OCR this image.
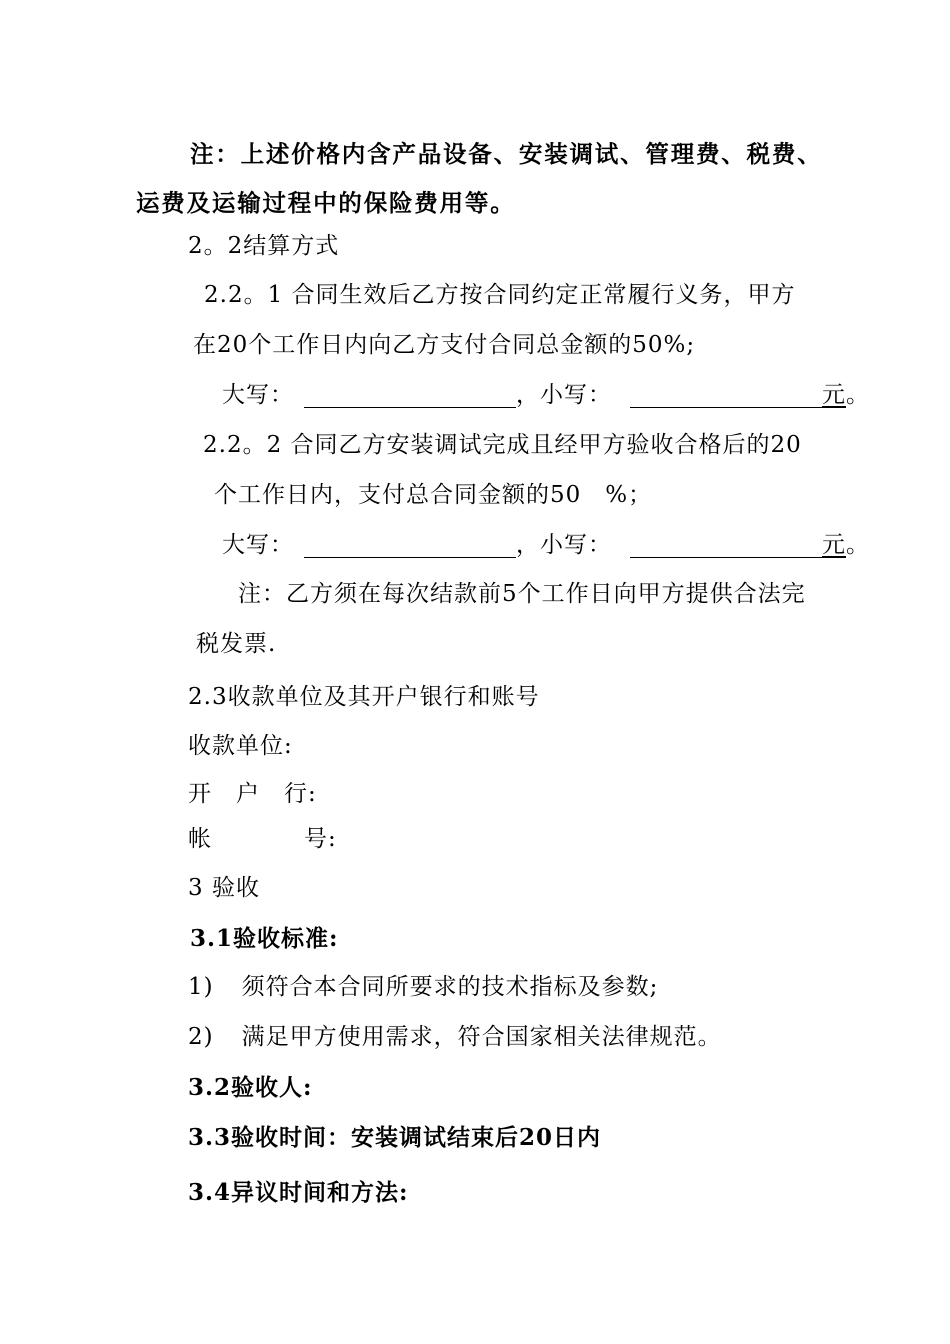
注：上述价格内含产品设备、安装调试、管理费、税费、
运费及运输过程中的保险费用等。
2。2结算方式
2.2。1 合同生效后乙方按合同约定正常履行义务，甲方
在20个工作日内向乙方支付合同总金额的50%;
大写：	，小写：	元。
2.2。2 合同乙方安装调试完成且经甲方验收合格后的20
个工作日内，支付总合同金额的50　%；
大写：	，小写：	元。
注：乙方须在每次结款前5个工作日向甲方提供合法完
税发票.
2.3收款单位及其开户银行和账号
收款单位:
开　户　行:
帐	号:
3 验收
3.1验收标准:
1) 须符合本合同所要求的技术指标及参数;
2) 满足甲方使用需求，符合国家相关法律规范。
3.2验收人:
3.3验收时间：安装调试结束后20日内
3.4异议时间和方法:
